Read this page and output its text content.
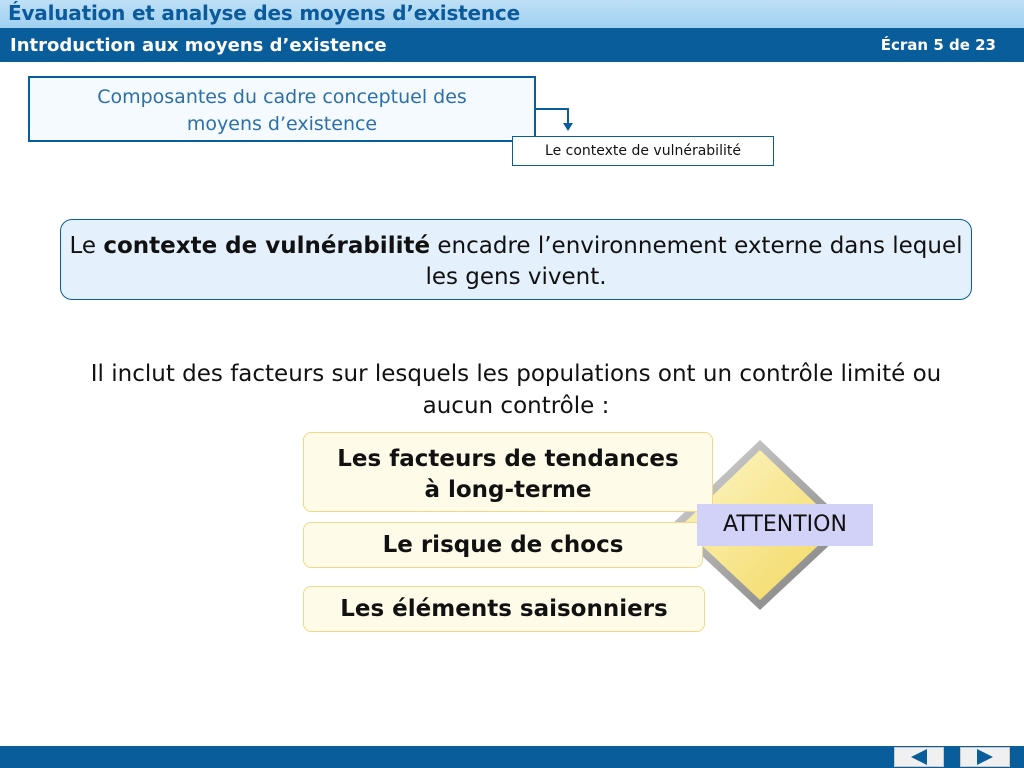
Évaluation et analyse des moyens d’existence
Introduction aux moyens d’existence	Écran 5 de 23
Composantes du cadre conceptuel des
moyens d’existence
Le contexte de vulnérabilité
Le contexte de vulnérabilité encadre l’environnement externe dans lequel les gens vivent.
Il inclut des facteurs sur lesquels les populations ont un contrôle limité ou aucun contrôle :
Les facteurs de tendances
à long-terme
Le risque de chocs
Les éléments saisonniers
ATTENTION
